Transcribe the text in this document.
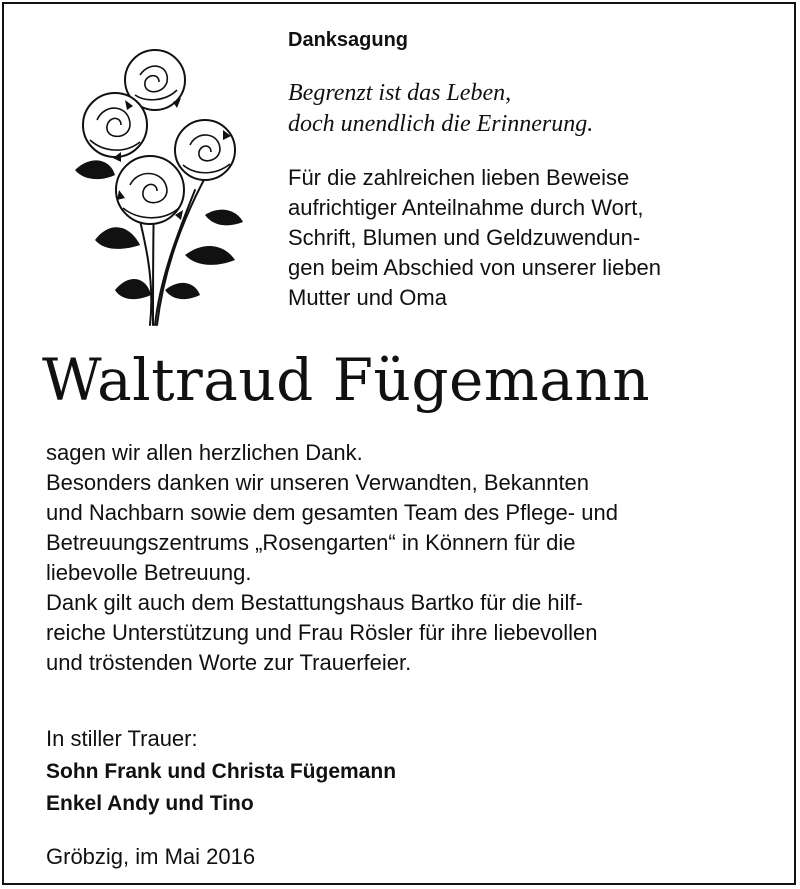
Danksagung
Begrenzt ist das Leben,
doch unendlich die Erinnerung.
Für die zahlreichen lieben Beweise
aufrichtiger Anteilnahme durch Wort,
Schrift, Blumen und Geldzuwendun-
gen beim Abschied von unserer lieben
Mutter und Oma
Waltraud Fügemann
sagen wir allen herzlichen Dank.
Besonders danken wir unseren Verwandten, Bekannten
und Nachbarn sowie dem gesamten Team des Pflege- und
Betreuungszentrums „Rosengarten“ in Könnern für die
liebevolle Betreuung.
Dank gilt auch dem Bestattungshaus Bartko für die hilf-
reiche Unterstützung und Frau Rösler für ihre liebevollen
und tröstenden Worte zur Trauerfeier.
In stiller Trauer:
Sohn Frank und Christa Fügemann
Enkel Andy und Tino
Gröbzig, im Mai 2016
